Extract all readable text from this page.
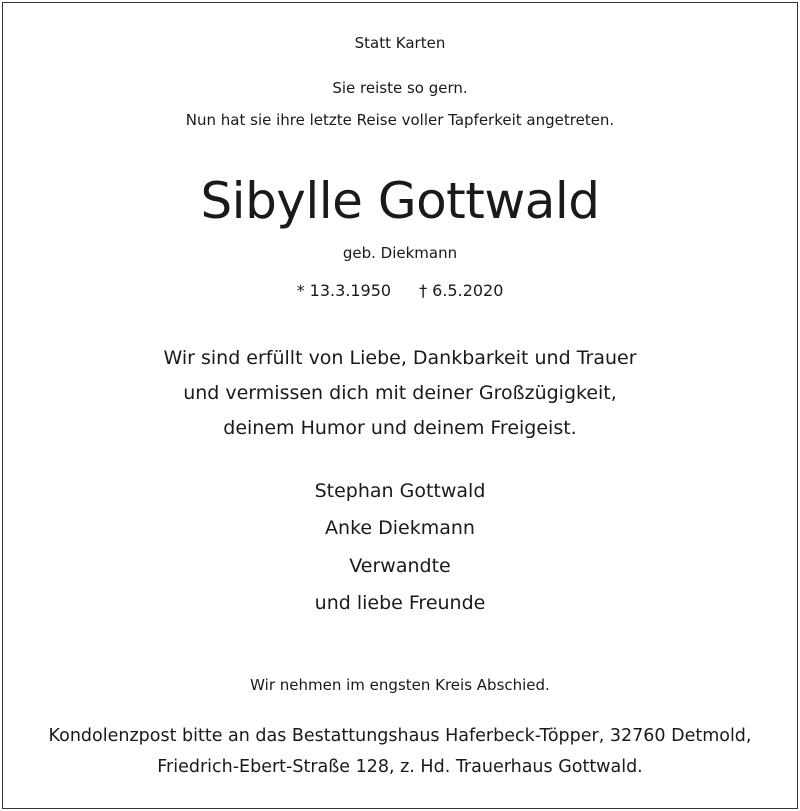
Statt Karten
Sie reiste so gern.
Nun hat sie ihre letzte Reise voller Tapferkeit angetreten.
Sibylle Gottwald
geb. Diekmann
* 13.3.1950 † 6.5.2020
Wir sind erfüllt von Liebe, Dankbarkeit und Trauer
und vermissen dich mit deiner Großzügigkeit,
deinem Humor und deinem Freigeist.
Stephan Gottwald
Anke Diekmann
Verwandte
und liebe Freunde
Wir nehmen im engsten Kreis Abschied.
Kondolenzpost bitte an das Bestattungshaus Haferbeck-Töpper, 32760 Detmold,
Friedrich-Ebert-Straße 128, z. Hd. Trauerhaus Gottwald.
